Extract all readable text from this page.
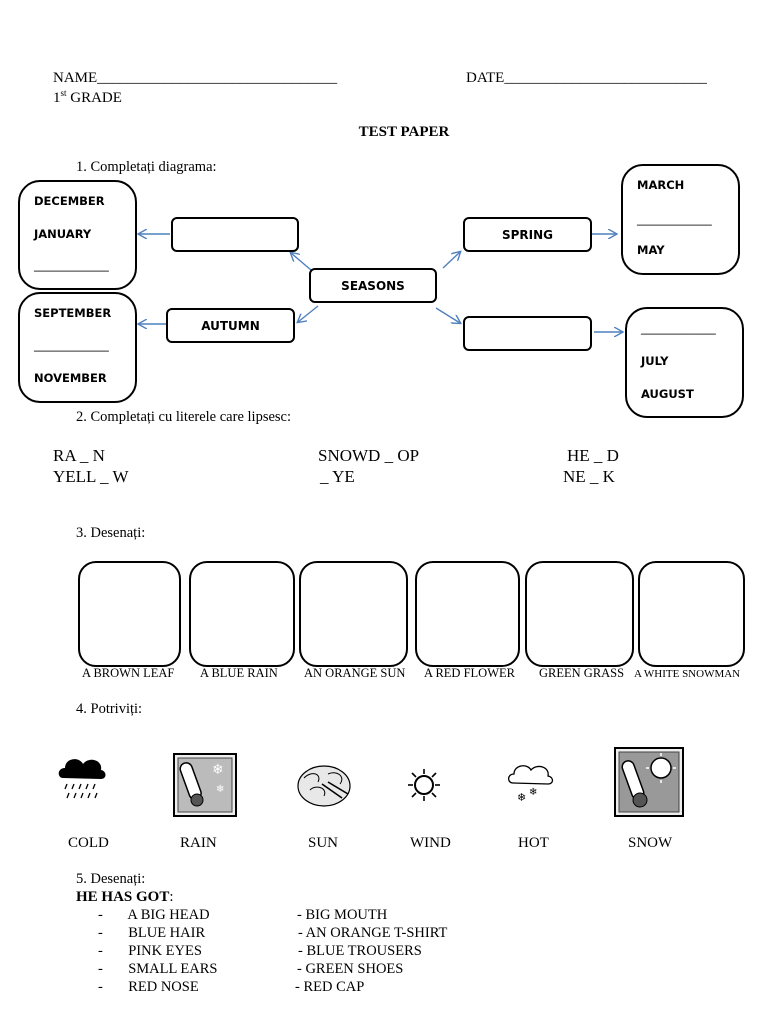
NAME________________________________	DATE___________________________
1st GRADE
TEST PAPER
1. Completați diagrama:
DECEMBER
JANUARY
_____________
SEPTEMBER
_____________
NOVEMBER
MARCH
_____________
MAY
_____________
JULY
AUGUST
SPRING
SEASONS
AUTUMN
2. Completați cu literele care lipsesc:
RA _ N	SNOWD _ OP	HE _ D
YELL _ W	_ YE	NE _ K
3. Desenați:
A BROWN LEAF A BLUE RAIN AN ORANGE SUN A RED FLOWER GREEN GRASS A WHITE SNOWMAN
4. Potriviți:
❄
❄
❄ ❄
COLD	RAIN	SUN	WIND	HOT	SNOW
5. Desenați:
HE HAS GOT:
-       A BIG HEAD
-       BLUE HAIR
-       PINK EYES
-       SMALL EARS
-       RED NOSE
- BIG MOUTH
- AN ORANGE T-SHIRT
- BLUE TROUSERS
- GREEN SHOES
- RED CAP
